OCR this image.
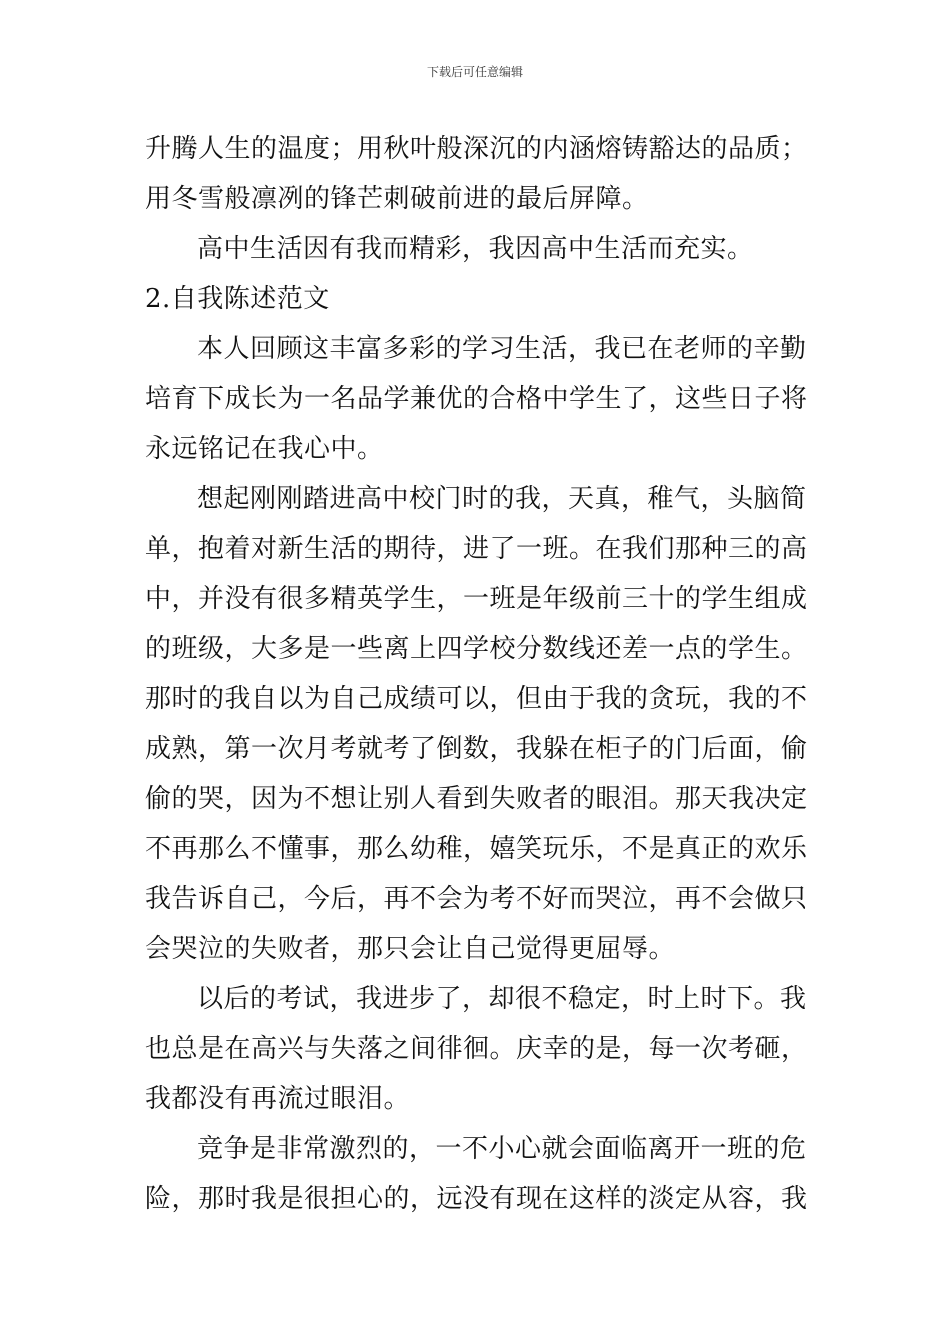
下载后可任意编辑
升腾人生的温度；用秋叶般深沉的内涵熔铸豁达的品质；
用冬雪般凛冽的锋芒刺破前进的最后屏障。
高中生活因有我而精彩，我因高中生活而充实。
2.自我陈述范文
本人回顾这丰富多彩的学习生活，我已在老师的辛勤
培育下成长为一名品学兼优的合格中学生了，这些日子将
永远铭记在我心中。
想起刚刚踏进高中校门时的我，天真，稚气，头脑简
单，抱着对新生活的期待，进了一班。在我们那种三的高
中，并没有很多精英学生，一班是年级前三十的学生组成
的班级，大多是一些离上四学校分数线还差一点的学生。
那时的我自以为自己成绩可以，但由于我的贪玩，我的不
成熟，第一次月考就考了倒数，我躲在柜子的门后面，偷
偷的哭，因为不想让别人看到失败者的眼泪。那天我决定
不再那么不懂事，那么幼稚，嬉笑玩乐，不是真正的欢乐
我告诉自己，今后，再不会为考不好而哭泣，再不会做只
会哭泣的失败者，那只会让自己觉得更屈辱。
以后的考试，我进步了，却很不稳定，时上时下。我
也总是在高兴与失落之间徘徊。庆幸的是，每一次考砸，
我都没有再流过眼泪。
竞争是非常激烈的，一不小心就会面临离开一班的危
险，那时我是很担心的，远没有现在这样的淡定从容，我
